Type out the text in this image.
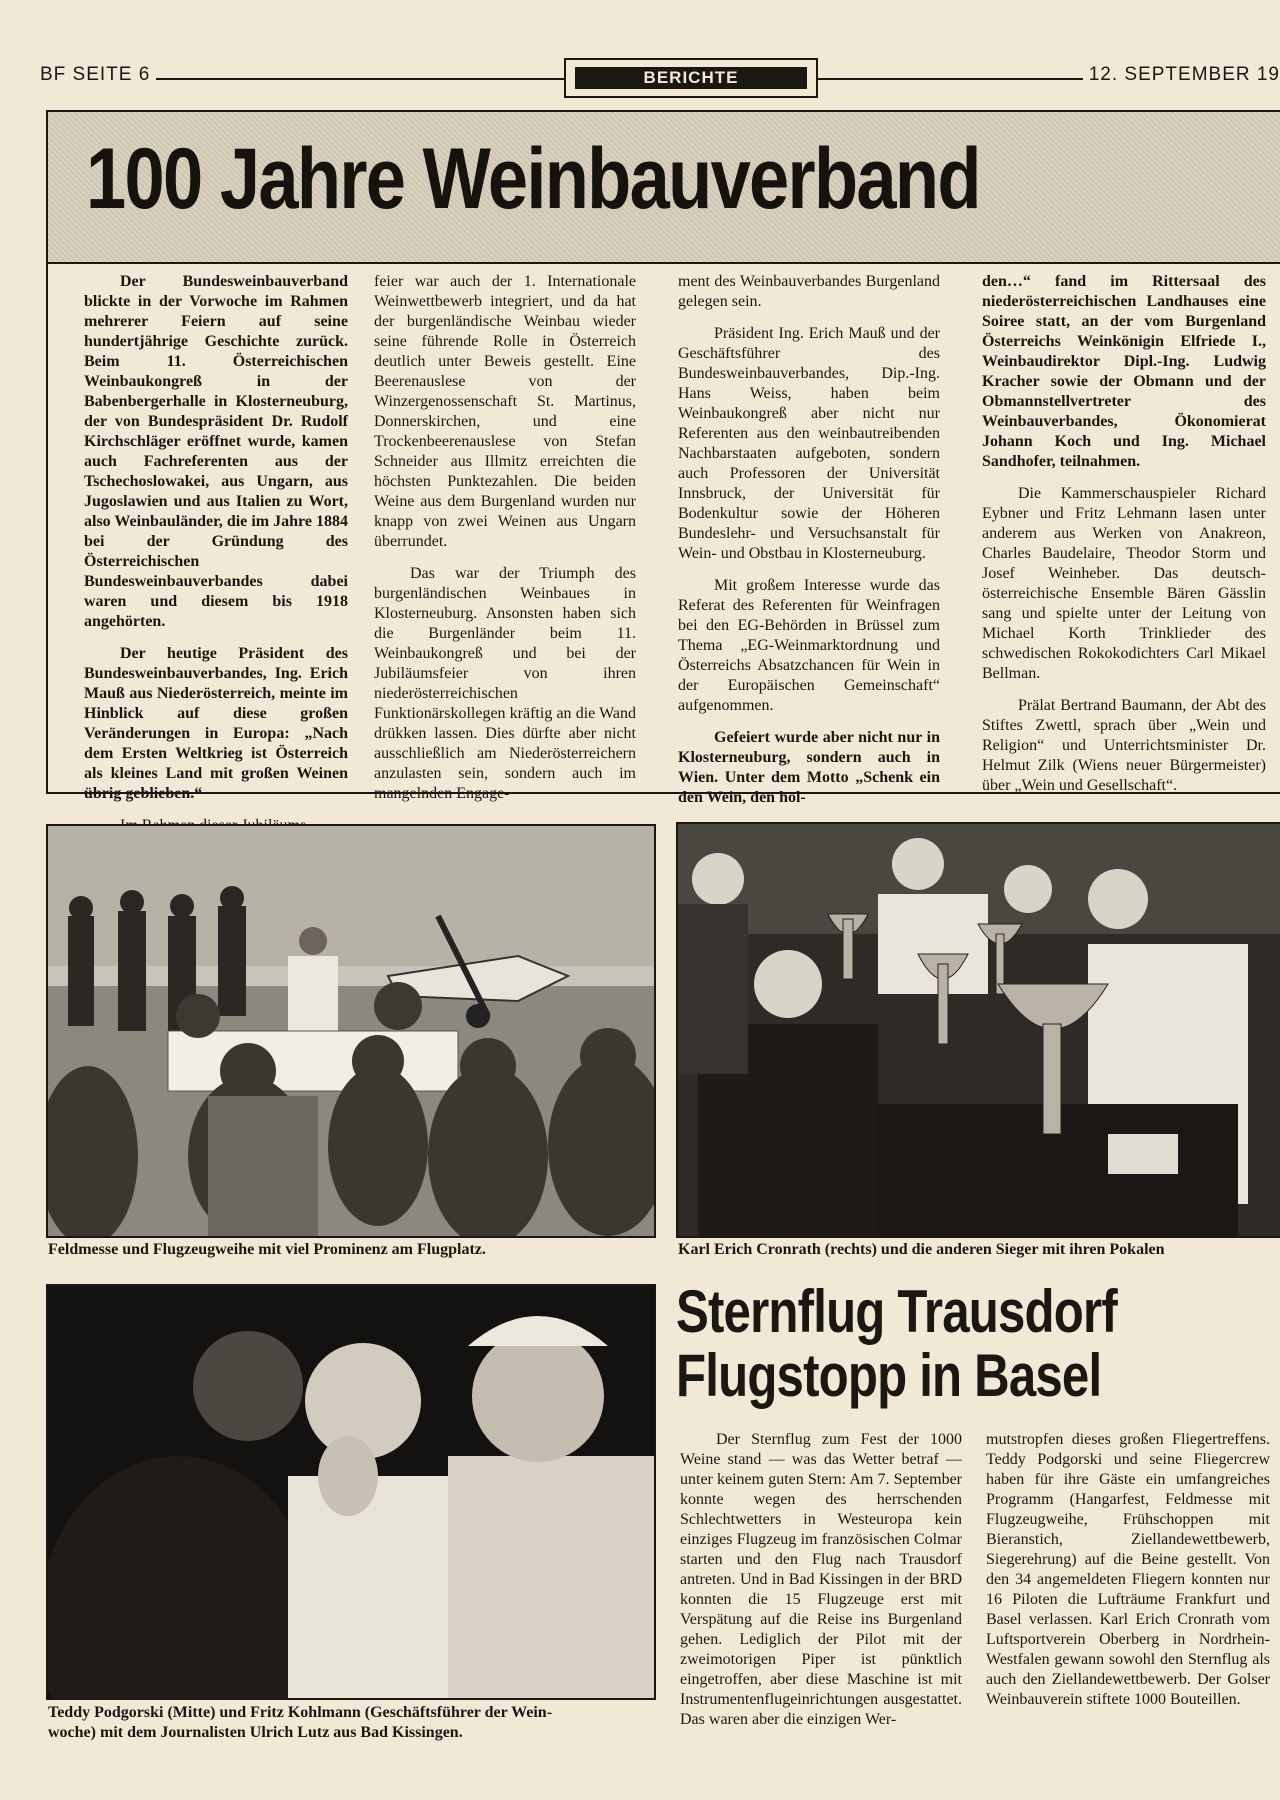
BF SEITE 6	BERICHTE	12. SEPTEMBER 19
100 Jahre Weinbauverband

Der Bundesweinbauverband blickte in der Vorwoche im Rahmen mehrerer Feiern auf seine hundertjährige Geschichte zurück. Beim 11. Österreichischen Weinbaukongreß in der Babenbergerhalle in Klosterneuburg, der von Bundespräsident Dr. Rudolf Kirchschläger eröffnet wurde, kamen auch Fachreferenten aus der Tschechoslowakei, aus Ungarn, aus Jugoslawien und aus Italien zu Wort, also Weinbauländer, die im Jahre 1884 bei der Gründung des Österreichischen Bundesweinbauverbandes dabei waren und diesem bis 1918 angehörten.

Der heutige Präsident des Bundesweinbauverbandes, Ing. Erich Mauß aus Niederösterreich, meinte im Hinblick auf diese großen Veränderungen in Europa: „Nach dem Ersten Weltkrieg ist Österreich als kleines Land mit großen Weinen übrig geblieben.“

feier war auch der 1. Internationale Weinwettbewerb integriert, und da hat der burgenländische Weinbau wieder seine führende Rolle in Österreich deutlich unter Beweis gestellt. Eine Beerenauslese von der Winzergenossenschaft St. Martinus, Donnerskirchen, und eine Trockenbeerenauslese von Stefan Schneider aus Illmitz erreichten die höchsten Punktezahlen. Die beiden Weine aus dem Burgenland wurden nur knapp von zwei Weinen aus Ungarn überrundet.

Das war der Triumph des burgenländischen Weinbaues in Klosterneuburg. Ansonsten haben sich die Burgenländer beim 11. Weinbaukongreß und bei der Jubiläumsfeier von ihren niederösterreichischen Funktionärskollegen kräftig an die Wand drükken lassen. Dies dürfte aber nicht ausschließlich am Niederösterreichern anzulasten sein, sondern auch im mangelnden Engage-

ment des Weinbauverbandes Burgenland gelegen sein.

Präsident Ing. Erich Mauß und der Geschäftsführer des Bundesweinbauverbandes, Dip.-Ing. Hans Weiss, haben beim Weinbaukongreß aber nicht nur Referenten aus den weinbautreibenden Nachbarstaaten aufgeboten, sondern auch Professoren der Universität Innsbruck, der Universität für Bodenkultur sowie der Höheren Bundeslehr- und Versuchsanstalt für Wein- und Obstbau in Klosterneuburg.

Mit großem Interesse wurde das Referat des Referenten für Weinfragen bei den EG-Behörden in Brüssel zum Thema „EG-Weinmarktordnung und Österreichs Absatzchancen für Wein in der Europäischen Gemeinschaft“ aufgenommen.

Gefeiert wurde aber nicht nur in Klosterneuburg, sondern auch in Wien. Unter dem Motto „Schenk ein den Wein, den hol-

den…“ fand im Rittersaal des niederösterreichischen Landhauses eine Soiree statt, an der vom Burgenland Österreichs Weinkönigin Elfriede I., Weinbaudirektor Dipl.-Ing. Ludwig Kracher sowie der Obmann und der Obmannstellvertreter des Weinbauverbandes, Ökonomierat Johann Koch und Ing. Michael Sandhofer, teilnahmen.

Die Kammerschauspieler Richard Eybner und Fritz Lehmann lasen unter anderem aus Werken von Anakreon, Charles Baudelaire, Theodor Storm und Josef Weinheber. Das deutsch-österreichische Ensemble Bären Gässlin sang und spielte unter der Leitung von Michael Korth Trinklieder des schwedischen Rokokodichters Carl Mikael Bellman.

Prälat Bertrand Baumann, der Abt des Stiftes Zwettl, sprach über „Wein und Religion“ und Unterrichtsminister Dr. Helmut Zilk (Wiens neuer Bürgermeister) über „Wein und Gesellschaft“.

Feldmesse und Flugzeugweihe mit viel Prominenz am Flugplatz.	Karl Erich Cronrath (rechts) und die anderen Sieger mit ihren Pokalen
Teddy Podgorski (Mitte) und Fritz Kohlmann (Geschäftsführer der Wein-
woche) mit dem Journalisten Ulrich Lutz aus Bad Kissingen.
Sternflug Trausdorf
Flugstopp in Basel

Der Sternflug zum Fest der 1000 Weine stand — was das Wetter betraf — unter keinem guten Stern: Am 7. September konnte wegen des herrschenden Schlechtwetters in Westeuropa kein einziges Flugzeug im französischen Colmar starten und den Flug nach Trausdorf antreten. Und in Bad Kissingen in der BRD konnten die 15 Flugzeuge erst mit Verspätung auf die Reise ins Burgenland gehen. Lediglich der Pilot mit der zweimotorigen Piper ist pünktlich eingetroffen, aber diese Maschine ist mit Instrumentenflugeinrichtungen ausgestattet. Das waren aber die einzigen Wer-

mutstropfen dieses großen Fliegertreffens. Teddy Podgorski und seine Fliegercrew haben für ihre Gäste ein umfangreiches Programm (Hangarfest, Feldmesse mit Flugzeugweihe, Frühschoppen mit Bieranstich, Ziellandewettbewerb, Siegerehrung) auf die Beine gestellt. Von den 34 angemeldeten Fliegern konnten nur 16 Piloten die Lufträume Frankfurt und Basel verlassen. Karl Erich Cronrath vom Luftsportverein Oberberg in Nordrhein-Westfalen gewann sowohl den Sternflug als auch den Ziellandewettbewerb. Der Golser Weinbauverein stiftete 1000 Bouteillen.
